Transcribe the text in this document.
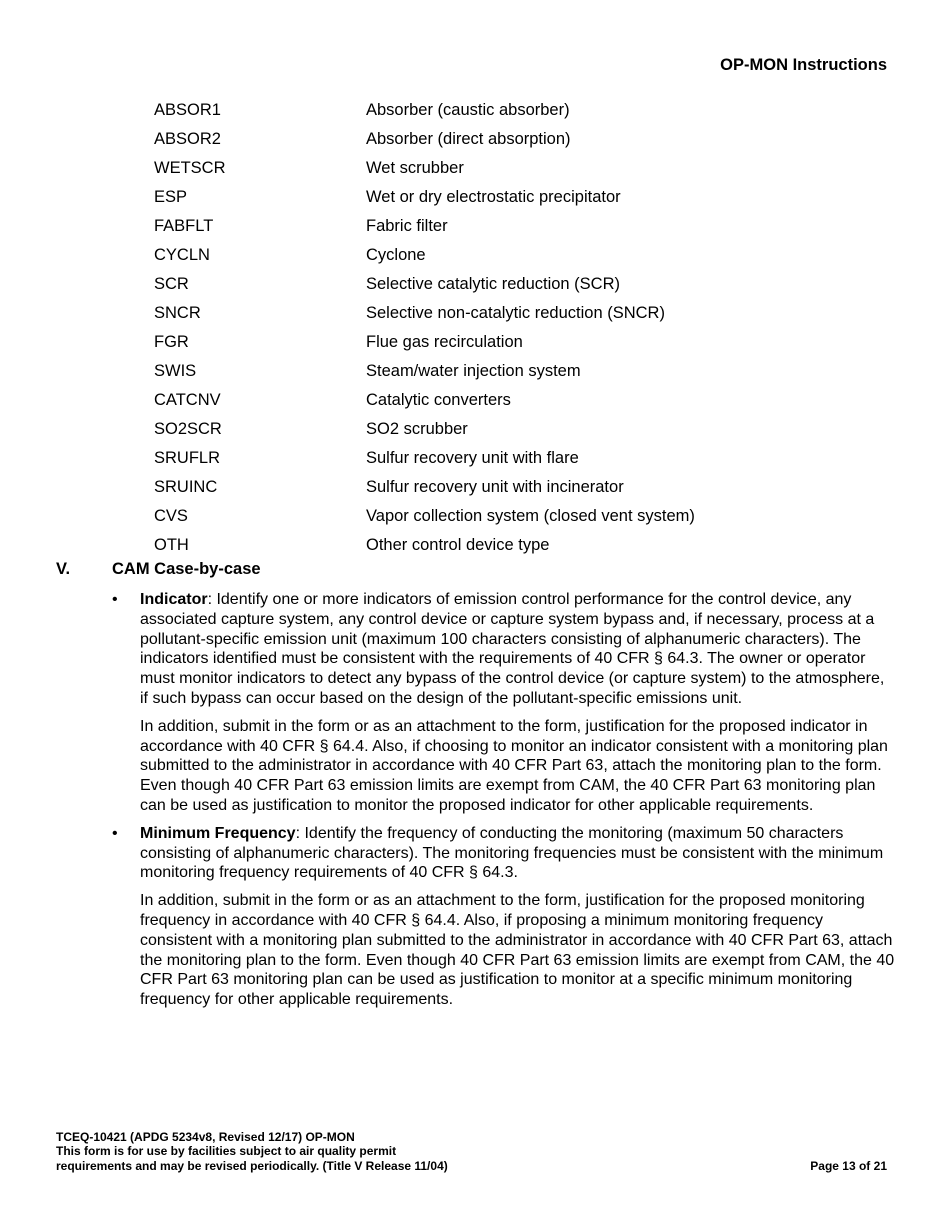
OP-MON Instructions
ABSOR1	Absorber (caustic absorber)
ABSOR2	Absorber (direct absorption)
WETSCR	Wet scrubber
ESP	Wet or dry electrostatic precipitator
FABFLT	Fabric filter
CYCLN	Cyclone
SCR	Selective catalytic reduction (SCR)
SNCR	Selective non-catalytic reduction (SNCR)
FGR	Flue gas recirculation
SWIS	Steam/water injection system
CATCNV	Catalytic converters
SO2SCR	SO2 scrubber
SRUFLR	Sulfur recovery unit with flare
SRUINC	Sulfur recovery unit with incinerator
CVS	Vapor collection system (closed vent system)
OTH	Other control device type
V.	CAM Case-by-case
•	Indicator: Identify one or more indicators of emission control performance for the control device, any associated capture system, any control device or capture system bypass and, if necessary, process at a pollutant-specific emission unit (maximum 100 characters consisting of alphanumeric characters). The indicators identified must be consistent with the requirements of 40 CFR § 64.3. The owner or operator must monitor indicators to detect any bypass of the control device (or capture system) to the atmosphere, if such bypass can occur based on the design of the pollutant-specific emissions unit.

In addition, submit in the form or as an attachment to the form, justification for the proposed indicator in accordance with 40 CFR § 64.4. Also, if choosing to monitor an indicator consistent with a monitoring plan submitted to the administrator in accordance with 40 CFR Part 63, attach the monitoring plan to the form. Even though 40 CFR Part 63 emission limits are exempt from CAM, the 40 CFR Part 63 monitoring plan can be used as justification to monitor the proposed indicator for other applicable requirements.

•	Minimum Frequency: Identify the frequency of conducting the monitoring (maximum 50 characters consisting of alphanumeric characters). The monitoring frequencies must be consistent with the minimum monitoring frequency requirements of 40 CFR § 64.3.

In addition, submit in the form or as an attachment to the form, justification for the proposed monitoring frequency in accordance with 40 CFR § 64.4. Also, if proposing a minimum monitoring frequency consistent with a monitoring plan submitted to the administrator in accordance with 40 CFR Part 63, attach the monitoring plan to the form. Even though 40 CFR Part 63 emission limits are exempt from CAM, the 40 CFR Part 63 monitoring plan can be used as justification to monitor at a specific minimum monitoring frequency for other applicable requirements.

TCEQ-10421 (APDG 5234v8, Revised 12/17) OP-MON
This form is for use by facilities subject to air quality permit
requirements and may be revised periodically. (Title V Release 11/04)	Page 13 of 21
